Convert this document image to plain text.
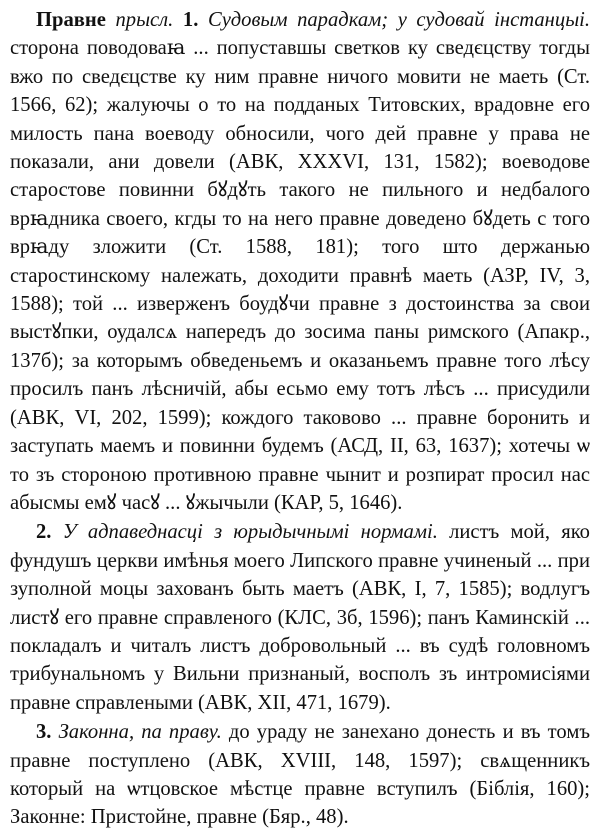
Правне прысл. 1. Судовым парадкам; у судовай інстанцыі. сторона поводоваꙗ ... попуставшы светков ку сведєцству тогды вжо по сведєцстве ку ним правне ничого мовити не маеть (Ст. 1566, 62); жалуючы о то на подданых Титовских, врадовне его милость пана воеводу обносили, чого дей правне у права не показали, ани довели (АВК, XXXVI, 131, 1582); воеводове старостове повинни бꙋдꙋть такого не пильного и недбалого врꙗдника своего, кгды то на него правне доведено бꙋдеть с того врꙗду зложити (Ст. 1588, 181); того што держанью старостинскому належать, доходити правнѣ маеть (АЗР, IV, 3, 1588); той ... изверженъ боудꙋчи правне з достоинства за свои выстꙋпки, оудалсѧ напередъ до зосима паны римского (Апакр., 137б); за которымъ обведеньемъ и оказаньемъ правне того лѣсу просилъ панъ лѣсничій, абы есьмо ему тотъ лѣсъ ... присудили (АВК, VI, 202, 1599); кождого таковово ... правне боронить и заступать маемъ и повинни будемъ (АСД, II, 63, 1637); хотечы ѡ то зъ стороною противною правне чынит и розпират просил нас абысмы емꙋ часꙋ ... ꙋжычыли (КАР, 5, 1646).

2. У адпаведнасці з юрыдычнымі нормамі. листъ мой, яко фундушъ церкви имѣнья моего Липского правне учиненый ... при зуполной моцы захованъ быть маетъ (АВК, I, 7, 1585); водлугъ листꙋ его правне справленого (КЛС, 3б, 1596); панъ Каминскій ... покладалъ и читалъ листъ добровольный ... въ судѣ головномъ трибунальномъ у Вильни признаный, восполъ зъ интромисіями правне справлеными (АВК, XII, 471, 1679).

3. Законна, па праву. до ураду не занехано донесть и въ томъ правне поступлено (АВК, XVIII, 148, 1597); свѧщенникъ который на ѡтцовское мѣстце правне вступилъ (Біблія, 160); Законне: Пристойне, правне (Бяр., 48).
